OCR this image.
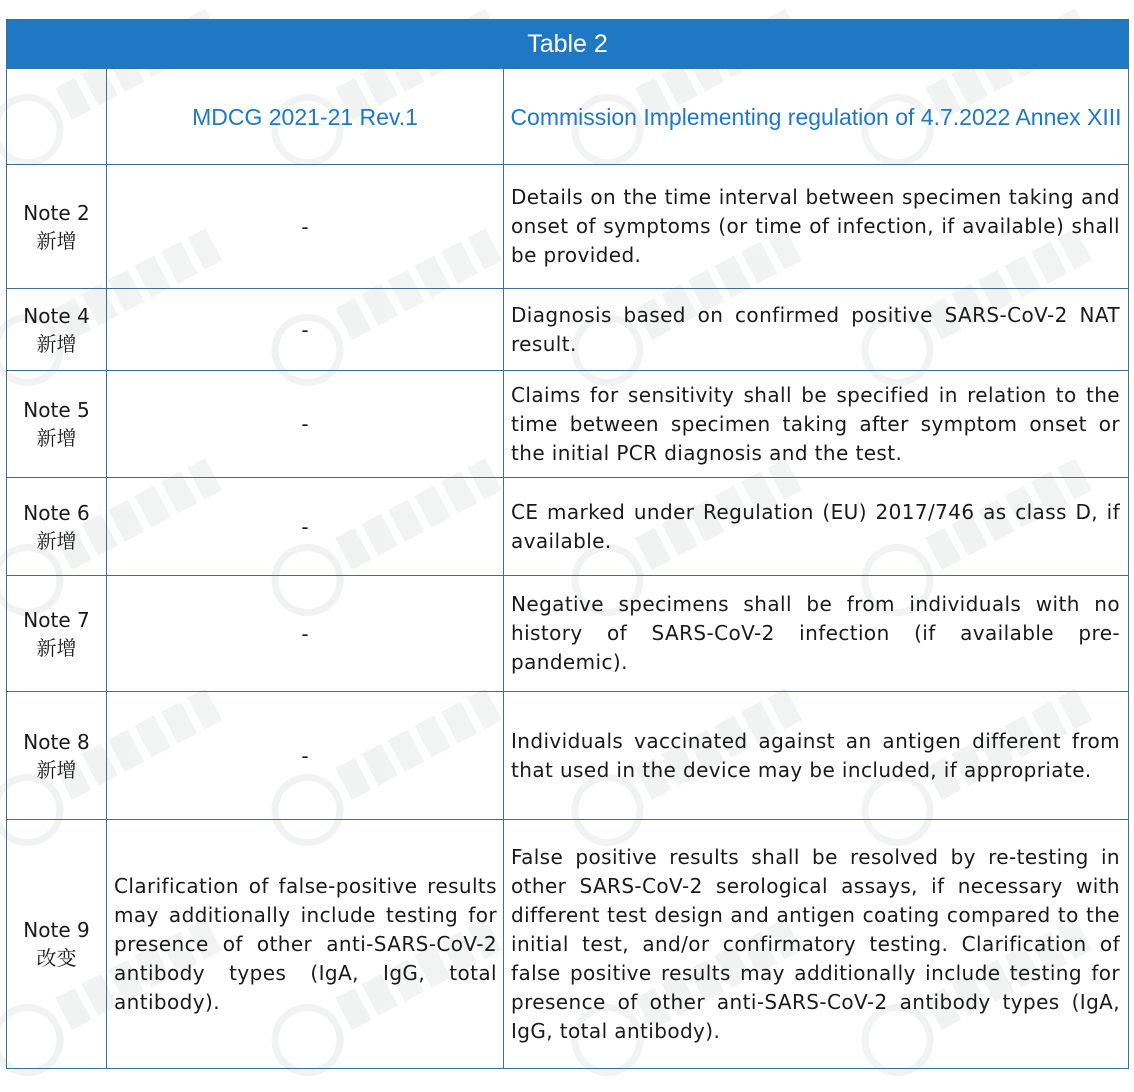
Table 2		
	MDCG 2021-21 Rev.1	Commission Implementing regulation of 4.7.2022 Annex XIII

Note 2
新增	-	Details on the time interval between specimen taking and onset of symptoms (or time of infection, if available) shall be provided.

Note 4
新增	-	Diagnosis based on confirmed positive SARS-CoV-2 NAT result.

Note 5
新增	-	Claims for sensitivity shall be specified in relation to the time between specimen taking after symptom onset or the initial PCR diagnosis and the test.

Note 6
新增	-	CE marked under Regulation (EU) 2017/746 as class D, if available.

Note 7
新增	-	Negative specimens shall be from individuals with no history of SARS-CoV-2 infection (if available pre-pandemic).

Note 8
新增	-	Individuals vaccinated against an antigen different from that used in the device may be included, if appropriate.

Note 9
改变	Clarification of false-positive results may additionally include testing for presence of other anti-SARS-CoV-2 antibody types (IgA, IgG, total antibody).	False positive results shall be resolved by re-testing in other SARS-CoV-2 serological assays, if necessary with different test design and antigen coating compared to the initial test, and/or confirmatory testing. Clarification of false positive results may additionally include testing for presence of other anti-SARS-CoV-2 antibody types (IgA, IgG, total antibody).
